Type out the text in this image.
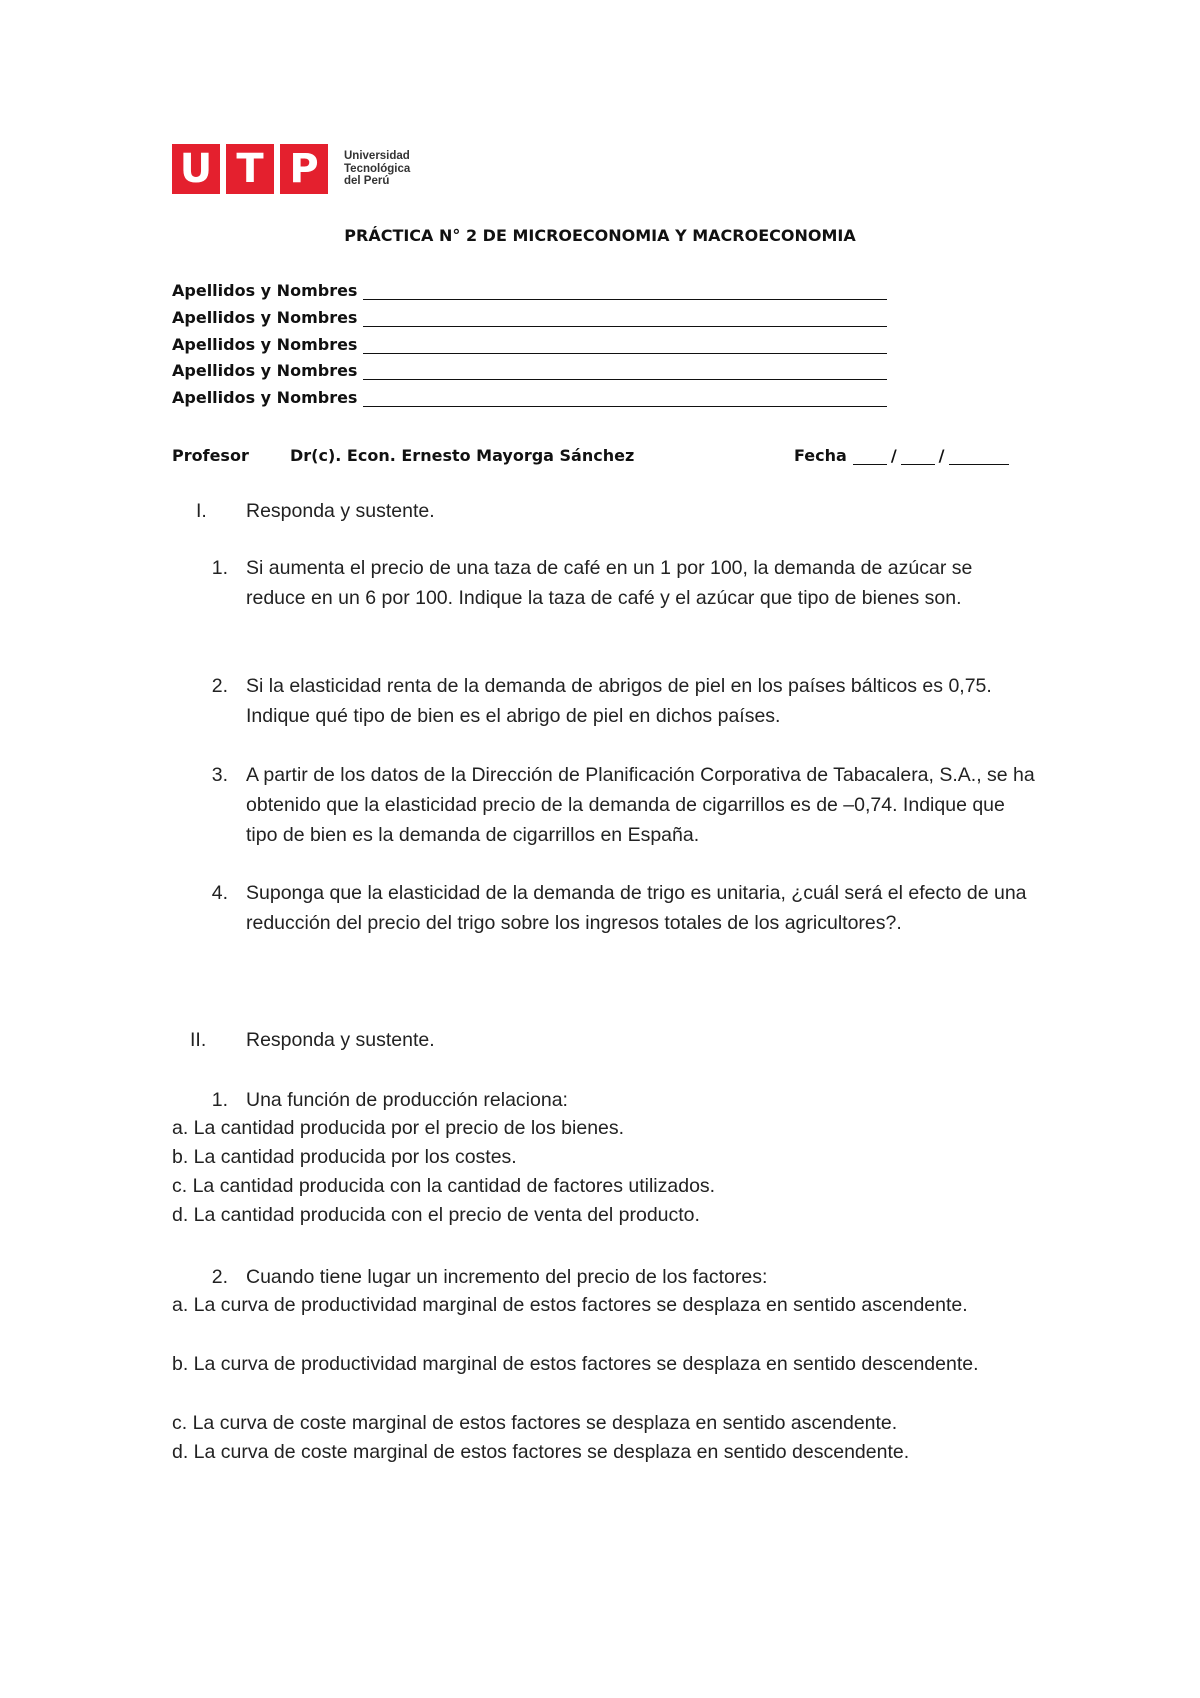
U T P	Universidad
Tecnológica
del Perú
PRÁCTICA N° 2 DE MICROECONOMIA Y MACROECONOMIA
Apellidos y Nombres
Apellidos y Nombres
Apellidos y Nombres
Apellidos y Nombres
Apellidos y Nombres
Profesor	Dr(c). Econ. Ernesto Mayorga Sánchez	Fecha	/	/
I. Responda y sustente.
1. Si aumenta el precio de una taza de café en un 1 por 100, la demanda de azúcar se reduce en un 6 por 100. Indique la taza de café y el azúcar que tipo de bienes son.
2. Si la elasticidad renta de la demanda de abrigos de piel en los países bálticos es 0,75. Indique qué tipo de bien es el abrigo de piel en dichos países.
3. A partir de los datos de la Dirección de Planificación Corporativa de Tabacalera, S.A., se ha obtenido que la elasticidad precio de la demanda de cigarrillos es de –0,74. Indique que tipo de bien es la demanda de cigarrillos en España.
4. Suponga que la elasticidad de la demanda de trigo es unitaria, ¿cuál será el efecto de una reducción del precio del trigo sobre los ingresos totales de los agricultores?.
II. Responda y sustente.
1. Una función de producción relaciona:
a. La cantidad producida por el precio de los bienes.
b. La cantidad producida por los costes.
c. La cantidad producida con la cantidad de factores utilizados.
d. La cantidad producida con el precio de venta del producto.
2. Cuando tiene lugar un incremento del precio de los factores:
a. La curva de productividad marginal de estos factores se desplaza en sentido ascendente.
b. La curva de productividad marginal de estos factores se desplaza en sentido descendente.
c. La curva de coste marginal de estos factores se desplaza en sentido ascendente.
d. La curva de coste marginal de estos factores se desplaza en sentido descendente.
